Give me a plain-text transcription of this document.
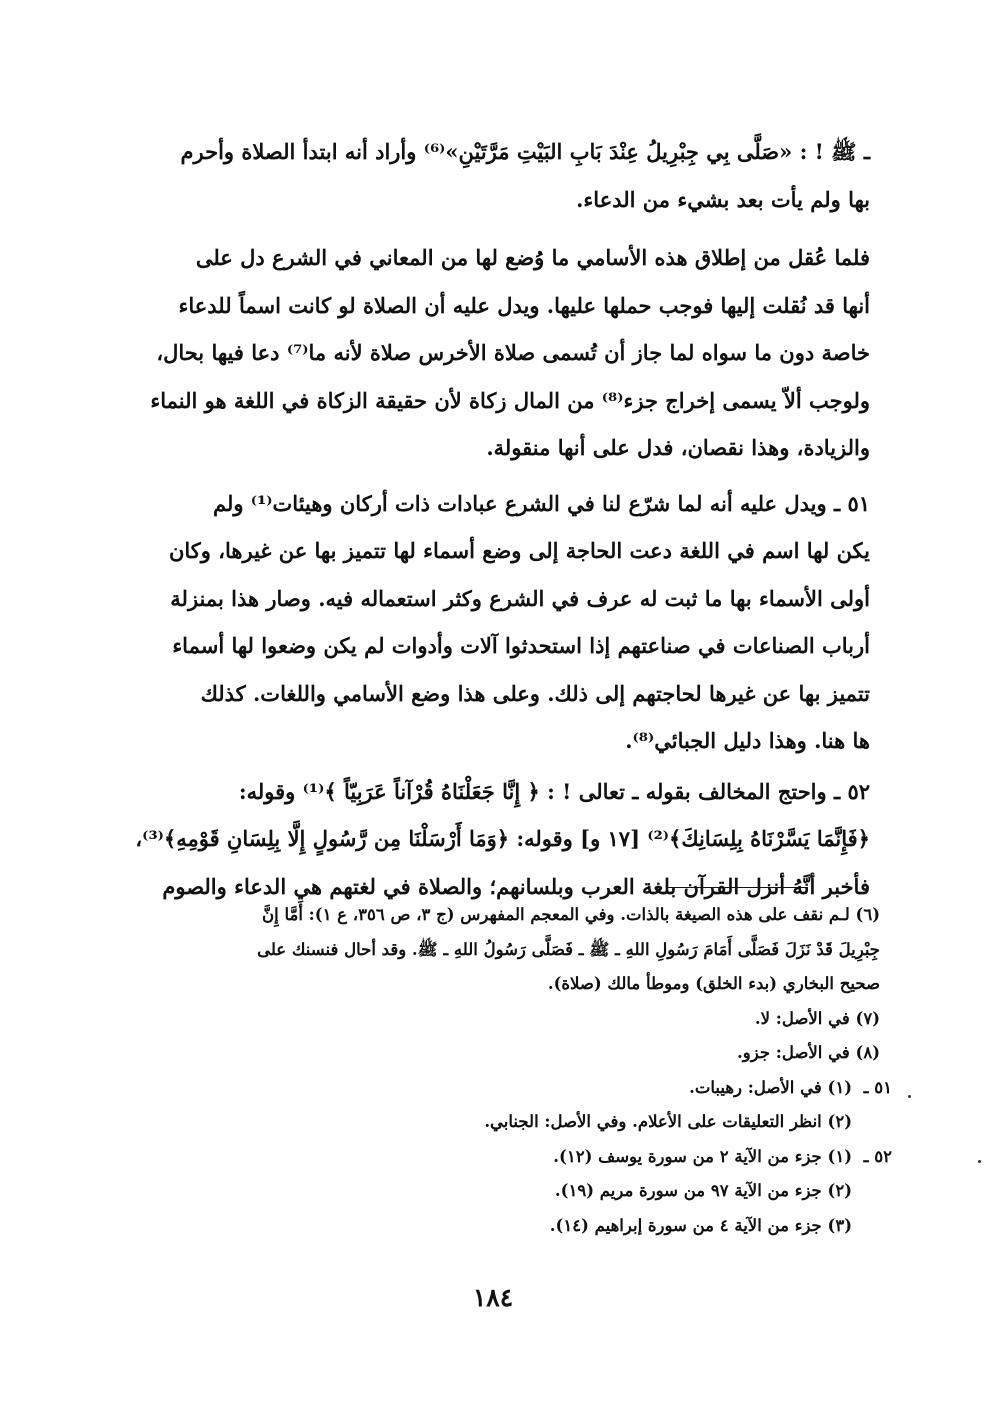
ـ ﷺ ! : «صَلَّى بِي جِبْرِيلُ عِنْدَ بَابِ البَيْتِ مَرَّتَيْنِ»⁽⁶⁾ وأراد أنه ابتدأ الصلاة وأحرم
بها ولم يأت بعد بشيء من الدعاء.

فلما عُقل من إطلاق هذه الأسامي ما وُضع لها من المعاني في الشرع دل على
أنها قد نُقلت إليها فوجب حملها عليها. ويدل عليه أن الصلاة لو كانت اسماً للدعاء
خاصة دون ما سواه لما جاز أن تُسمى صلاة الأخرس صلاة لأنه ما⁽⁷⁾ دعا فيها بحال،
ولوجب ألاّ يسمى إخراج جزء⁽⁸⁾ من المال زكاة لأن حقيقة الزكاة في اللغة هو النماء
والزيادة، وهذا نقصان، فدل على أنها منقولة.

٥١ ـ ويدل عليه أنه لما شرّع لنا في الشرع عبادات ذات أركان وهيئات⁽¹⁾ ولم
يكن لها اسم في اللغة دعت الحاجة إلى وضع أسماء لها تتميز بها عن غيرها، وكان
أولى الأسماء بها ما ثبت له عرف في الشرع وكثر استعماله فيه. وصار هذا بمنزلة
أرباب الصناعات في صناعتهم إذا استحدثوا آلات وأدوات لم يكن وضعوا لها أسماء
تتميز بها عن غيرها لحاجتهم إلى ذلك. وعلى هذا وضع الأسامي واللغات. كذلك
ها هنا. وهذا دليل الجبائي⁽⁸⁾.

٥٢ ـ واحتج المخالف بقوله ـ تعالى ! : ﴿ إِنَّا جَعَلْنَاهُ قُرْآناً عَرَبِيّاً ﴾⁽¹⁾ وقوله:
﴿فَإِنَّمَا يَسَّرْنَاهُ بِلِسَانِكَ﴾⁽²⁾ [١٧ و] وقوله: ﴿وَمَا أَرْسَلْنَا مِن رَّسُولٍ إِلَّا بِلِسَانِ قَوْمِهِ﴾⁽³⁾،
فأخبر أنَّهُ أنزل القرآن بلغة العرب وبلسانهم؛ والصلاة في لغتهم هي الدعاء والصوم

(٦) لـم نقف على هذه الصيغة بالذات. وفي المعجم المفهرس (ج ٣، ص ٣٥٦، ع ١): أَمَّا إِنَّ
جِبْرِيلَ قَدْ نَزَلَ فَصَلَّى أَمَامَ رَسُولِ اللهِ ـ ﷺ ـ فَصَلَّى رَسُولُ اللهِ ـ ﷺ. وقد أحال فنسنك على
صحيح البخاري (بدء الخلق) وموطأ مالك (صلاة).

(٧) في الأصل: لا.

(٨) في الأصل: جزو.

٥١ ـ
(١) في الأصل: رهيبات.
(٢) انظر التعليقات على الأعلام. وفي الأصل: الجنابي.
٥٢ ـ
(١) جزء من الآية ٢ من سورة يوسف (١٢).
(٢) جزء من الآية ٩٧ من سورة مريم (١٩).
(٣) جزء من الآية ٤ من سورة إبراهيم (١٤).
١٨٤
